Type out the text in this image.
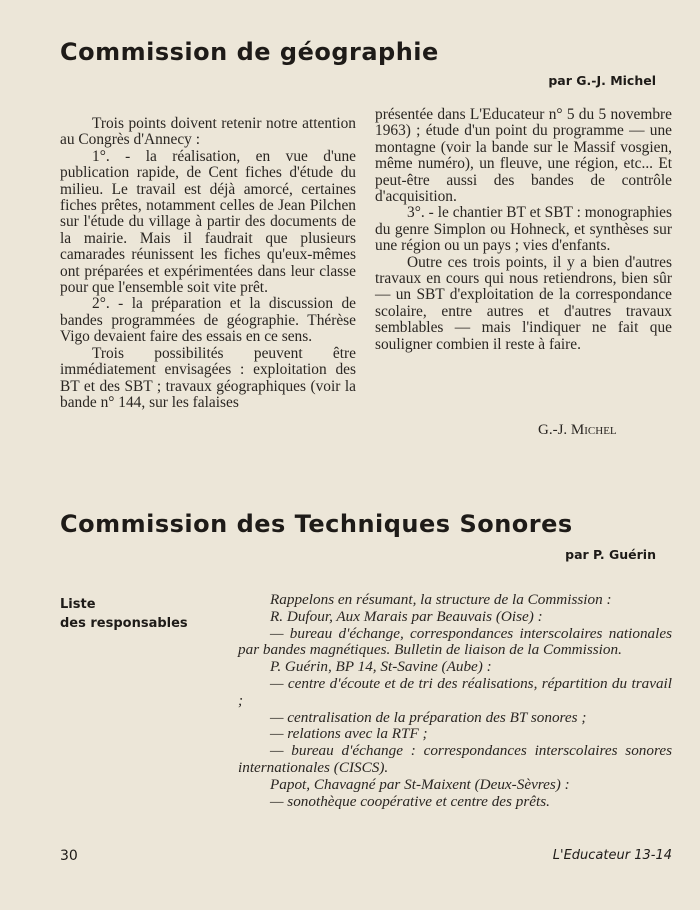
Commission de géographie
par G.-J. Michel

Trois points doivent retenir notre attention au Congrès d'Annecy :

1°. - la réalisation, en vue d'une publication rapide, de Cent fiches d'étude du milieu. Le travail est déjà amorcé, certaines fiches prêtes, notamment celles de Jean Pilchen sur l'étude du village à partir des documents de la mairie. Mais il faudrait que plusieurs camarades réunissent les fiches qu'eux-mêmes ont préparées et expérimentées dans leur classe pour que l'ensemble soit vite prêt.

2°. - la préparation et la discussion de bandes programmées de géographie. Thérèse Vigo devaient faire des essais en ce sens.

Trois possibilités peuvent être immédiatement envisagées : exploitation des BT et des SBT ; travaux géographiques (voir la bande n° 144, sur les falaises

présentée dans L'Educateur n° 5 du 5 novembre 1963) ; étude d'un point du programme — une montagne (voir la bande sur le Massif vosgien, même numéro), un fleuve, une région, etc... Et peut-être aussi des bandes de contrôle d'acquisition.

3°. - le chantier BT et SBT : monographies du genre Simplon ou Hohneck, et synthèses sur une région ou un pays ; vies d'enfants.

Outre ces trois points, il y a bien d'autres travaux en cours qui nous retiendrons, bien sûr — un SBT d'exploitation de la correspondance scolaire, entre autres et d'autres travaux semblables — mais l'indiquer ne fait que souligner combien il reste à faire.

G.-J. Michel
Commission des Techniques Sonores
par P. Guérin
Liste
des responsables

Rappelons en résumant, la structure de la Commission :

R. Dufour, Aux Marais par Beauvais (Oise) :

— bureau d'échange, correspondances interscolaires nationales par bandes magnétiques. Bulletin de liaison de la Commission.

P. Guérin, BP 14, St-Savine (Aube) :

— centre d'écoute et de tri des réalisations, répartition du travail ;

— centralisation de la préparation des BT sonores ;

— relations avec la RTF ;

— bureau d'échange : correspondances interscolaires sonores internationales (CISCS).

Papot, Chavagné par St-Maixent (Deux-Sèvres) :

— sonothèque coopérative et centre des prêts.

30	L'Educateur 13-14
